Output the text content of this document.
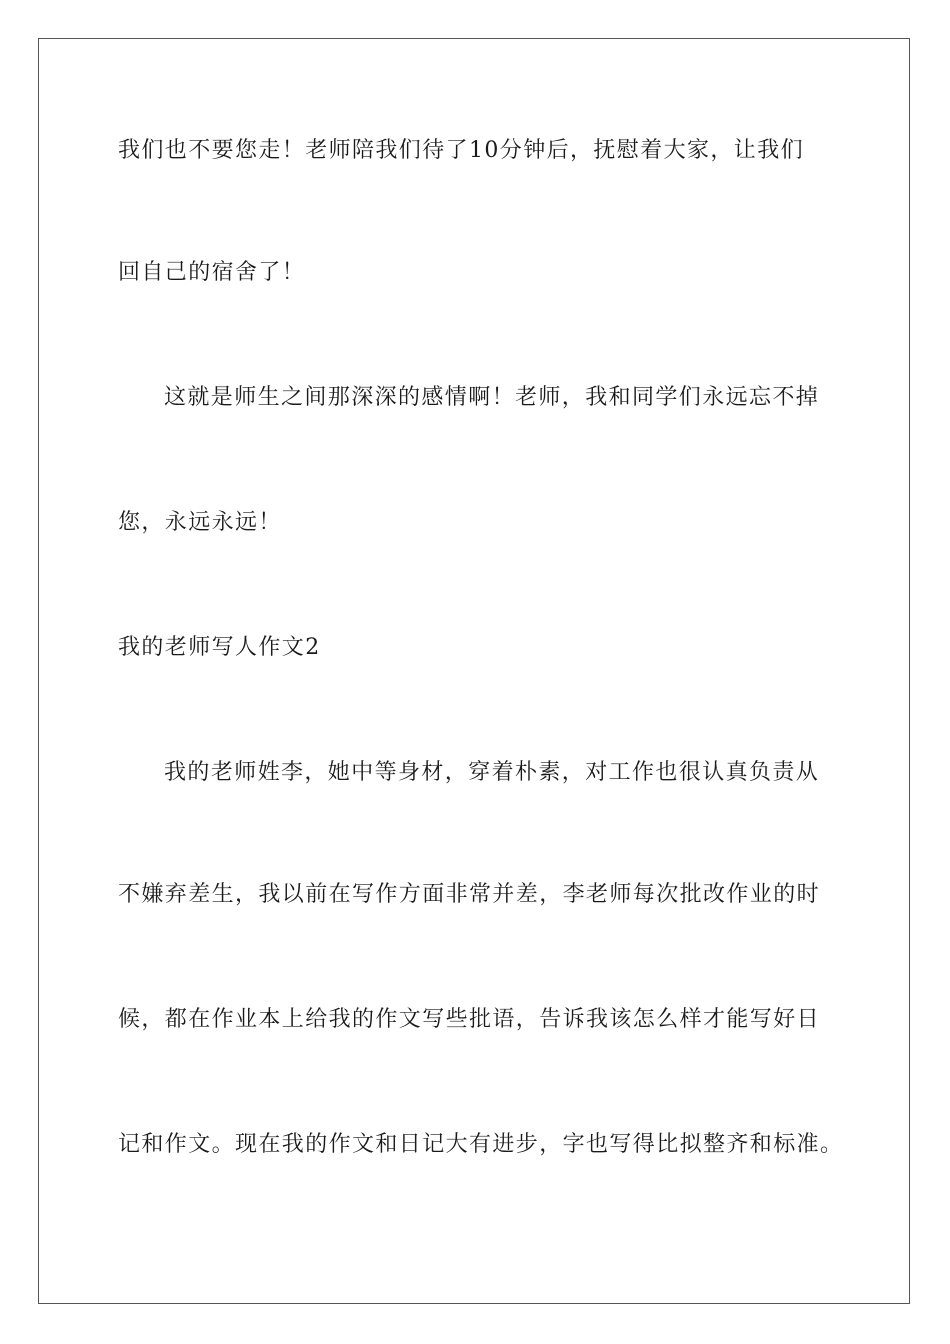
我们也不要您走！老师陪我们待了10分钟后，抚慰着大家，让我们
回自己的宿舍了！
这就是师生之间那深深的感情啊！老师，我和同学们永远忘不掉
您，永远永远！
我的老师写人作文2
我的老师姓李，她中等身材，穿着朴素，对工作也很认真负责从
不嫌弃差生，我以前在写作方面非常并差，李老师每次批改作业的时
候，都在作业本上给我的作文写些批语，告诉我该怎么样才能写好日
记和作文。现在我的作文和日记大有进步，字也写得比拟整齐和标准。
